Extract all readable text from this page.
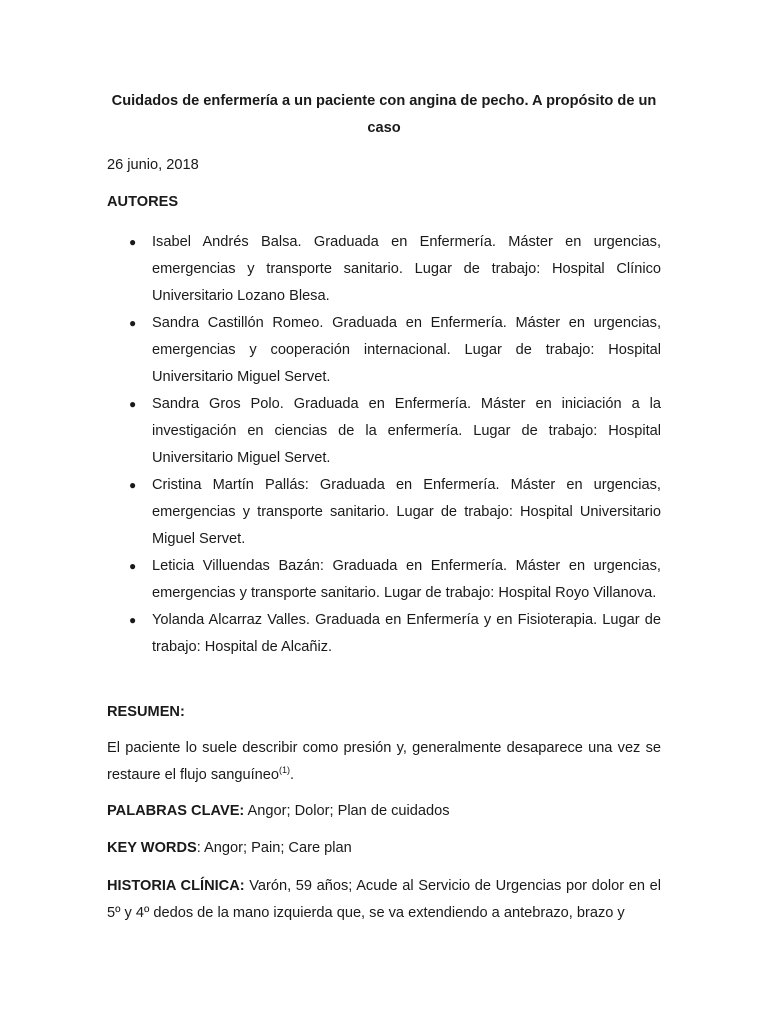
Cuidados de enfermería a un paciente con angina de pecho. A propósito de un caso

26 junio, 2018

AUTORES
● Isabel Andrés Balsa. Graduada en Enfermería. Máster en urgencias, emergencias y transporte sanitario. Lugar de trabajo: Hospital Clínico Universitario Lozano Blesa.
● Sandra Castillón Romeo. Graduada en Enfermería. Máster en urgencias, emergencias y cooperación internacional. Lugar de trabajo: Hospital Universitario Miguel Servet.
● Sandra Gros Polo. Graduada en Enfermería. Máster en iniciación a la investigación en ciencias de la enfermería. Lugar de trabajo: Hospital Universitario Miguel Servet.
● Cristina Martín Pallás: Graduada en Enfermería. Máster en urgencias, emergencias y transporte sanitario. Lugar de trabajo: Hospital Universitario Miguel Servet.
● Leticia Villuendas Bazán: Graduada en Enfermería. Máster en urgencias, emergencias y transporte sanitario. Lugar de trabajo: Hospital Royo Villanova.
● Yolanda Alcarraz Valles. Graduada en Enfermería y en Fisioterapia. Lugar de trabajo: Hospital de Alcañiz.

RESUMEN:

El paciente lo suele describir como presión y, generalmente desaparece una vez se restaure el flujo sanguíneo$^{(1)}$.

PALABRAS CLAVE: Angor; Dolor; Plan de cuidados

KEY WORDS: Angor; Pain; Care plan

HISTORIA CLÍNICA: Varón, 59 años; Acude al Servicio de Urgencias por dolor en el 5º y 4º dedos de la mano izquierda que, se va extendiendo a antebrazo, brazo y
